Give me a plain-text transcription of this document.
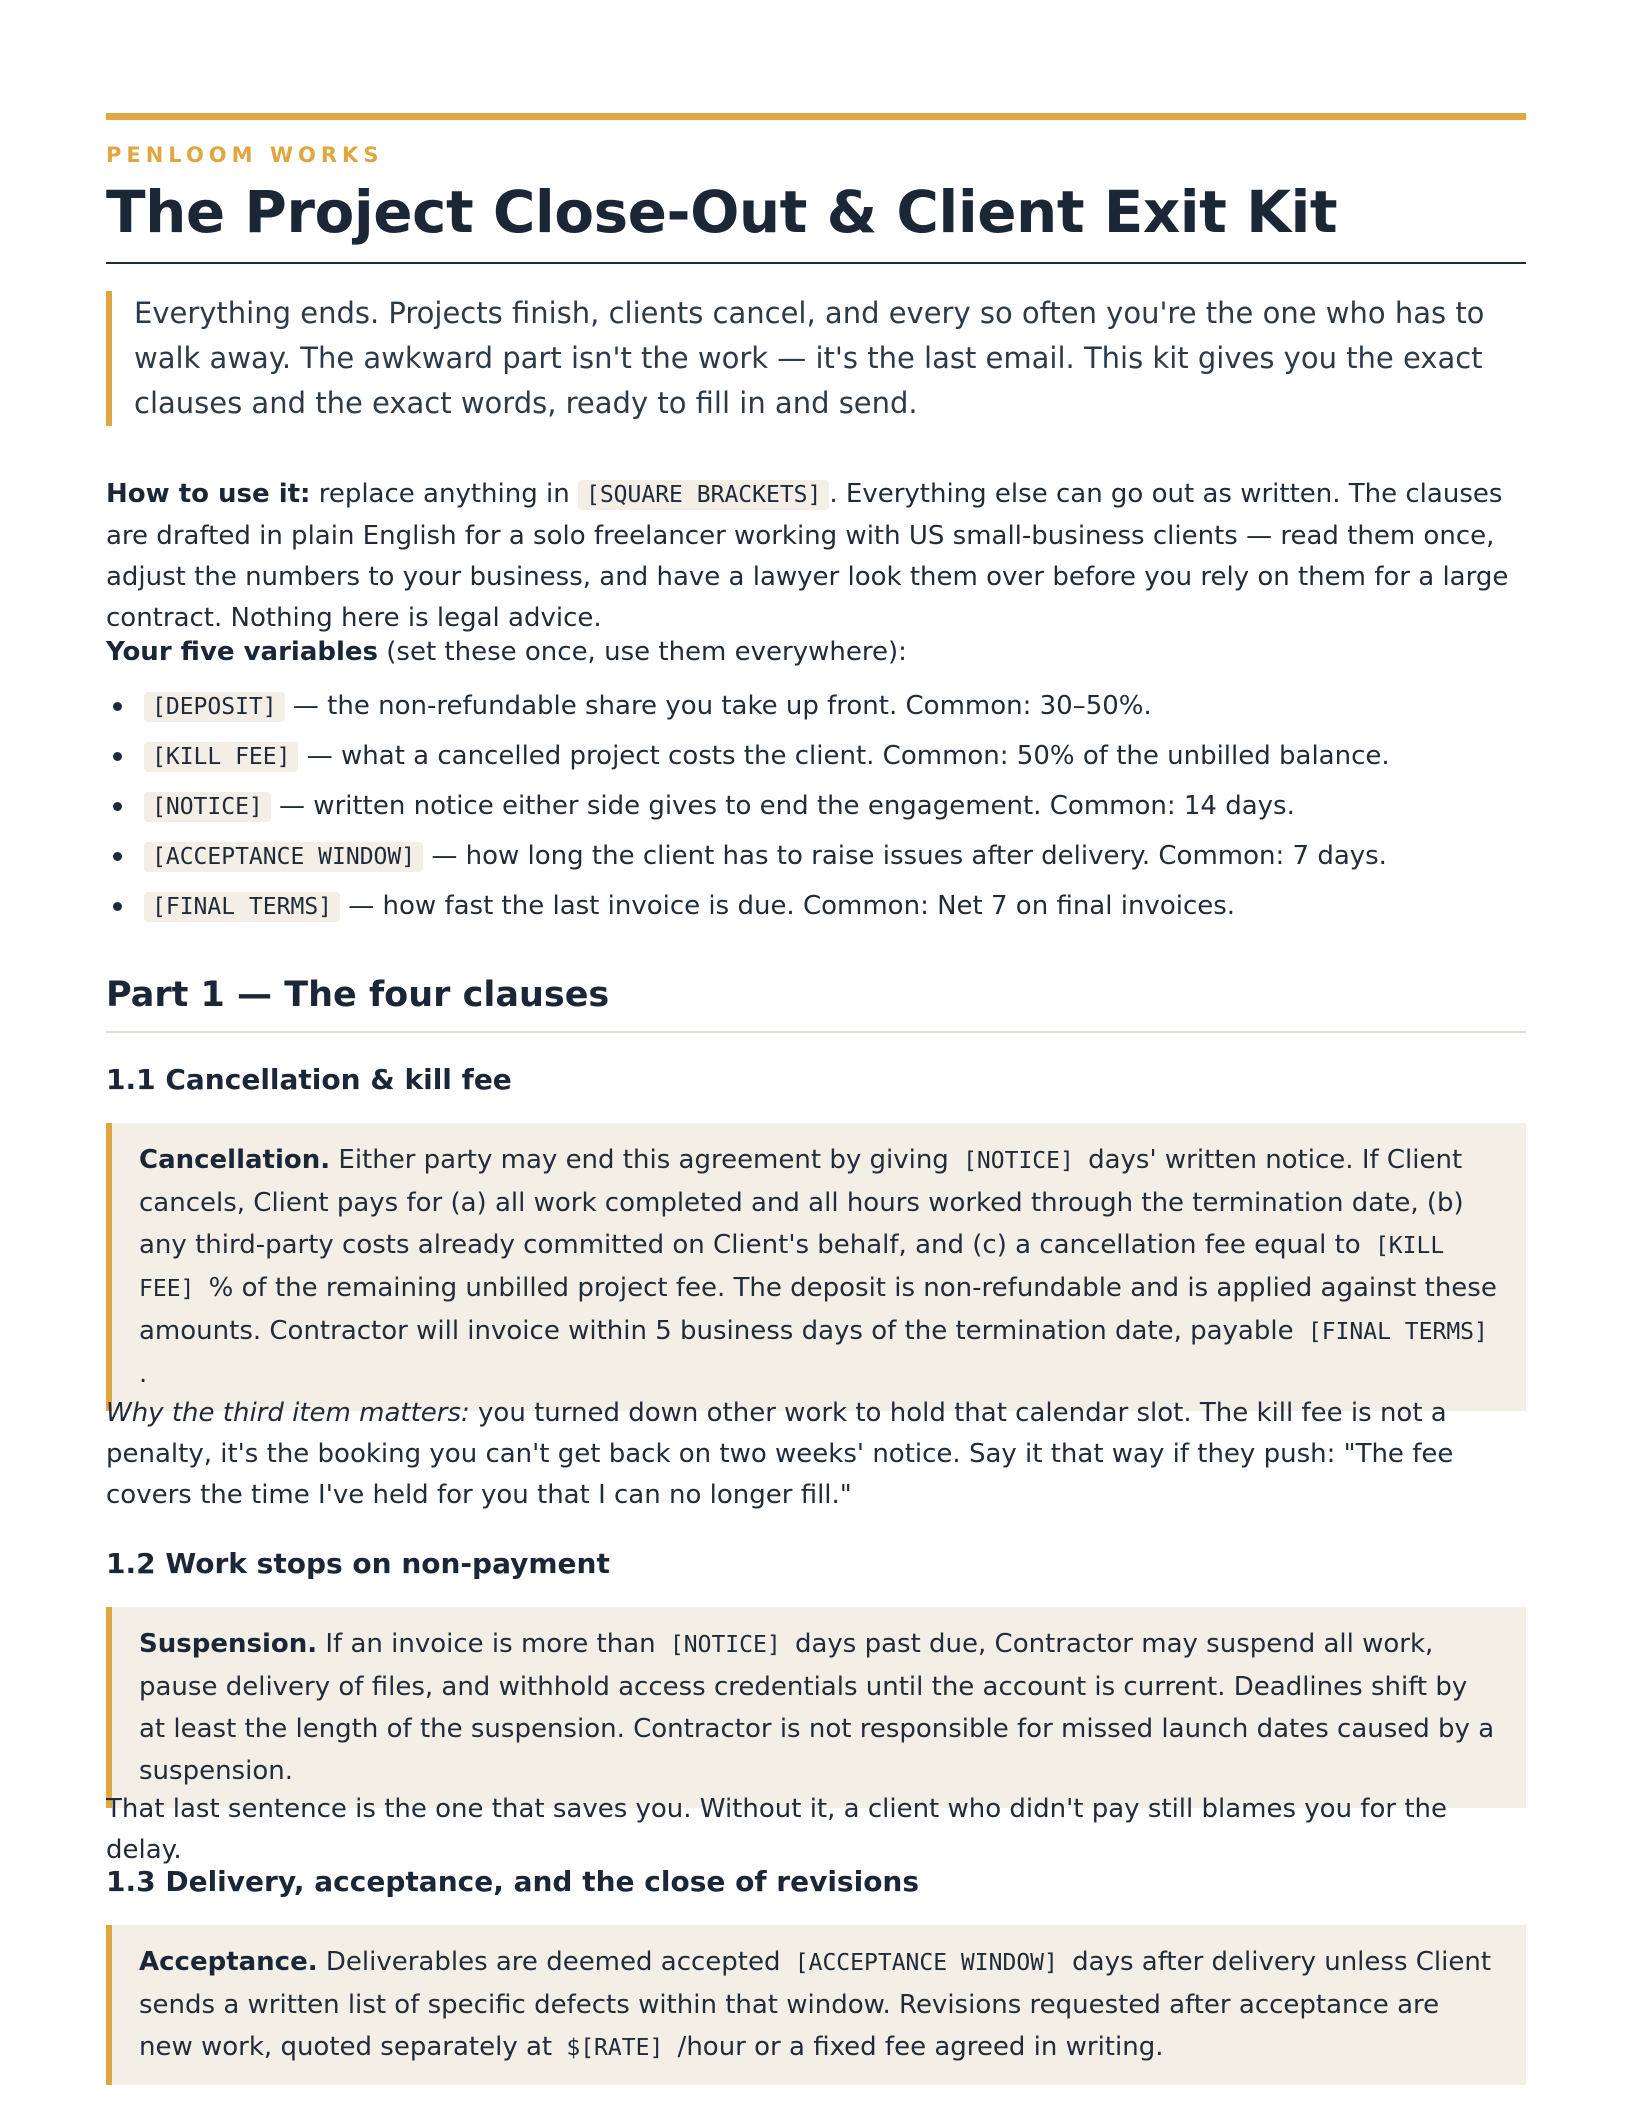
PENLOOM WORKS
The Project Close-Out & Client Exit Kit
Everything ends. Projects finish, clients cancel, and every so often you're the one who has to walk away. The awkward part isn't the work — it's the last email. This kit gives you the exact clauses and the exact words, ready to fill in and send.

How to use it: replace anything in [SQUARE BRACKETS] . Everything else can go out as written. The clauses are drafted in plain English for a solo freelancer working with US small-business clients — read them once, adjust the numbers to your business, and have a lawyer look them over before you rely on them for a large contract. Nothing here is legal advice.

Your five variables (set these once, use them everywhere):

[DEPOSIT] — the non-refundable share you take up front. Common: 30–50%.
[KILL FEE] — what a cancelled project costs the client. Common: 50% of the unbilled balance.
[NOTICE] — written notice either side gives to end the engagement. Common: 14 days.
[ACCEPTANCE WINDOW] — how long the client has to raise issues after delivery. Common: 7 days.
[FINAL TERMS] — how fast the last invoice is due. Common: Net 7 on final invoices.
Part 1 — The four clauses
1.1 Cancellation & kill fee
Cancellation. Either party may end this agreement by giving [NOTICE] days' written notice. If Client cancels, Client pays for (a) all work completed and all hours worked through the termination date, (b) any third-party costs already committed on Client's behalf, and (c) a cancellation fee equal to [KILL FEE] % of the remaining unbilled project fee. The deposit is non-refundable and is applied against these amounts. Contractor will invoice within 5 business days of the termination date, payable [FINAL TERMS] .

Why the third item matters: you turned down other work to hold that calendar slot. The kill fee is not a penalty, it's the booking you can't get back on two weeks' notice. Say it that way if they push: "The fee covers the time I've held for you that I can no longer fill."

1.2 Work stops on non-payment
Suspension. If an invoice is more than [NOTICE] days past due, Contractor may suspend all work, pause delivery of files, and withhold access credentials until the account is current. Deadlines shift by at least the length of the suspension. Contractor is not responsible for missed launch dates caused by a suspension.

That last sentence is the one that saves you. Without it, a client who didn't pay still blames you for the delay.

1.3 Delivery, acceptance, and the close of revisions
Acceptance. Deliverables are deemed accepted [ACCEPTANCE WINDOW] days after delivery unless Client sends a written list of specific defects within that window. Revisions requested after acceptance are new work, quoted separately at $[RATE] /hour or a fixed fee agreed in writing.
